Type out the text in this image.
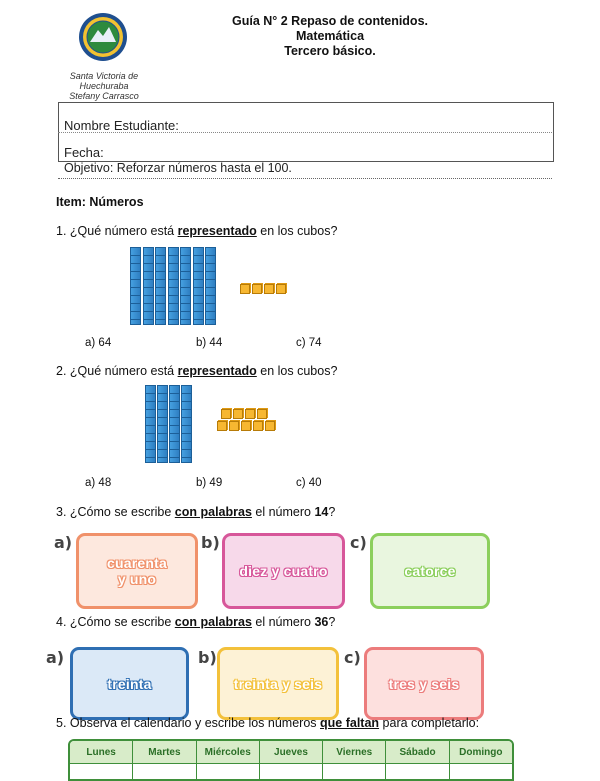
Guía N° 2 Repaso de contenidos.
Matemática
Tercero básico.
Santa Victoria de
Huechuraba
Stefany Carrasco
Nombre Estudiante:
Fecha:
Objetivo: Reforzar números hasta el 100.
Item: Números
1. ¿Qué número está representado en los cubos?
a) 64	b) 44	c) 74
2. ¿Qué número está representado en los cubos?
a) 48	b) 49	c) 40
3. ¿Cómo se escribe con palabras el número 14?
a)	b)	c)
cuarenta
y uno	diez y cuatro	catorce
4. ¿Cómo se escribe con palabras el número 36?
a)	b)	c)
treinta	treinta y seis	tres y seis
5. Observa el calendario y escribe los números que faltan para completarlo:
Lunes	Martes	Miércoles	Jueves	Viernes	Sábado	Domingo
